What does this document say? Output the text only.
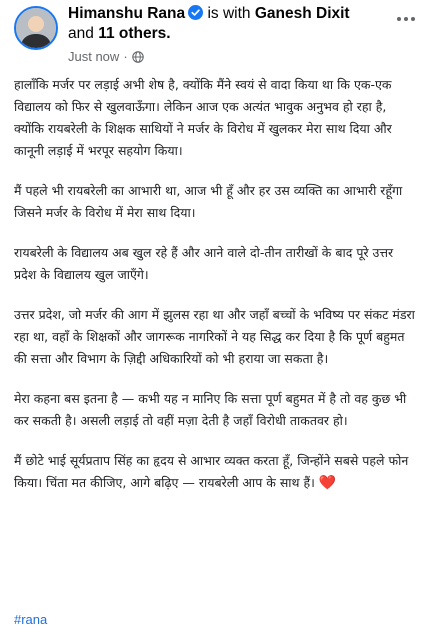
Himanshu Rana is with Ganesh Dixit and 11 others.
Just now ·

हालाँकि मर्जर पर लड़ाई अभी शेष है, क्योंकि मैंने स्वयं से वादा किया था कि एक-एक विद्यालय को फिर से खुलवाऊँगा। लेकिन आज एक अत्यंत भावुक अनुभव हो रहा है, क्योंकि रायबरेली के शिक्षक साथियों ने मर्जर के विरोध में खुलकर मेरा साथ दिया और कानूनी लड़ाई में भरपूर सहयोग किया।

मैं पहले भी रायबरेली का आभारी था, आज भी हूँ और हर उस व्यक्ति का आभारी रहूँगा जिसने मर्जर के विरोध में मेरा साथ दिया।

रायबरेली के विद्यालय अब खुल रहे हैं और आने वाले दो-तीन तारीखों के बाद पूरे उत्तर प्रदेश के विद्यालय खुल जाएँगे।

उत्तर प्रदेश, जो मर्जर की आग में झुलस रहा था और जहाँ बच्चों के भविष्य पर संकट मंडरा रहा था, वहाँ के शिक्षकों और जागरूक नागरिकों ने यह सिद्ध कर दिया है कि पूर्ण बहुमत की सत्ता और विभाग के ज़िद्दी अधिकारियों को भी हराया जा सकता है।

मेरा कहना बस इतना है — कभी यह न मानिए कि सत्ता पूर्ण बहुमत में है तो वह कुछ भी कर सकती है। असली लड़ाई तो वहीं मज़ा देती है जहाँ विरोधी ताकतवर हो।

मैं छोटे भाई सूर्यप्रताप सिंह का हृदय से आभार व्यक्त करता हूँ, जिन्होंने सबसे पहले फोन किया। चिंता मत कीजिए, आगे बढ़िए — रायबरेली आप के साथ हैं। ❤️

#rana
